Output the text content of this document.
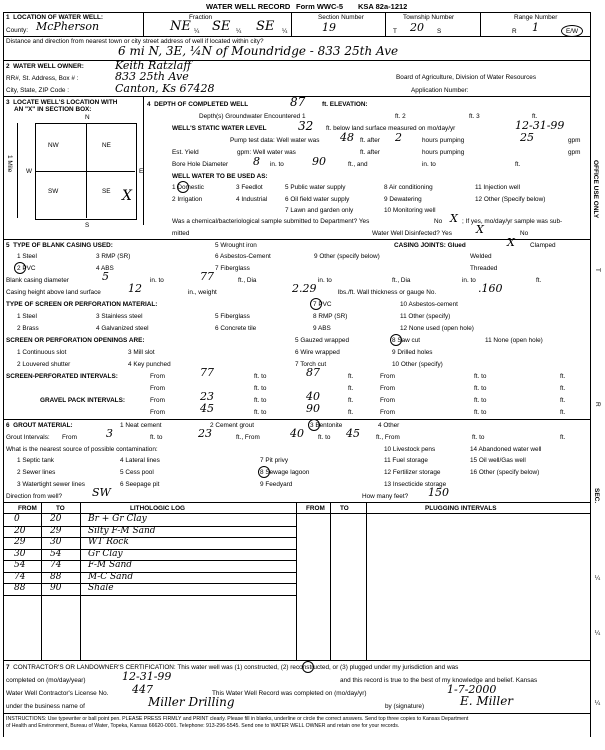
WATER WELL RECORD Form WWC-5 KSA 82a-1212
1 LOCATION OF WATER WELL:
County: McPherson
Fraction
NE ¼ SE ¼ SE ¼
Section Number
19
Township Number
T 20 S
Range Number
R 1	E/W
Distance and direction from nearest town or city street address of well if located within city?
6 mi N, 3E, ¼N of Moundridge - 833 25th Ave
2 WATER WELL OWNER:	Keith Ratzlaff
RR#, St. Address, Box # :	833 25th Ave	Board of Agriculture, Division of Water Resources
City, State, ZIP Code :	Canton, Ks 67428	Application Number:
3 LOCATE WELL'S LOCATION WITH
AN "X" IN SECTION BOX:
N
S
W	E
1 Mile
NW	NE
SW	SE X
4 DEPTH OF COMPLETED WELL	87	ft. ELEVATION:
Depth(s) Groundwater Encountered 1	ft. 2	ft. 3	ft.
WELL'S STATIC WATER LEVEL	32 ft. below land surface measured on mo/day/yr	12-31-99
Pump test data: Well water was 48 ft. after 2	hours pumping	25	gpm
Est. Yield	gpm: Well water was	ft. after	hours pumping	gpm
Bore Hole Diameter 8 in. to	90	ft., and	in. to	ft.
WELL WATER TO BE USED AS:
1 Domestic	3 Feedlot	5 Public water supply	8 Air conditioning	11 Injection well
2 Irrigation	4 Industrial	6 Oil field water supply	9 Dewatering	12 Other (Specify below)
7 Lawn and garden only	10 Monitoring well
Was a chemical/bacteriological sample submitted to Department? Yes	No X ; If yes, mo/day/yr sample was sub-
mitted	Water Well Disinfected? Yes X	No
5 TYPE OF BLANK CASING USED:	5 Wrought iron	CASING JOINTS: Glued	X Clamped
1 Steel	3 RMP (SR)	6 Asbestos-Cement	9 Other (specify below)	Welded
2 PVC	4 ABS	7 Fiberglass	Threaded
Blank casing diameter	5	in. to	77	ft., Dia	in. to	ft., Dia	in. to	ft.
Casing height above land surface 12	in., weight	2.29	lbs./ft. Wall thickness or gauge No.	.160
TYPE OF SCREEN OR PERFORATION MATERIAL:	7 PVC	10 Asbestos-cement
1 Steel	3 Stainless steel	5 Fiberglass	8 RMP (SR)	11 Other (specify)
2 Brass	4 Galvanized steel	6 Concrete tile	9 ABS	12 None used (open hole)
SCREEN OR PERFORATION OPENINGS ARE:	5 Gauzed wrapped	8 Saw cut	11 None (open hole)
1 Continuous slot	3 Mill slot	6 Wire wrapped	9 Drilled holes
2 Louvered shutter	4 Key punched	7 Torch cut	10 Other (specify)
SCREEN-PERFORATED INTERVALS:	From	77	ft. to	87	ft.	From	ft. to	ft.
From	ft. to	ft.	From	ft. to	ft.
GRAVEL PACK INTERVALS:	From	23	ft. to	40	ft.	From	ft. to	ft.
From	45	ft. to	90	ft.	From	ft. to	ft.
6 GROUT MATERIAL:	1 Neat cement	2 Cement grout	3 Bentonite	4 Other
Grout Intervals: From	3	ft. to	23	ft., From	40 ft. to 45	ft., From	ft. to	ft.
What is the nearest source of possible contamination:	10 Livestock pens	14 Abandoned water well
1 Septic tank	4 Lateral lines	7 Pit privy	11 Fuel storage	15 Oil well/Gas well
2 Sewer lines	5 Cess pool	8 Sewage lagoon	12 Fertilizer storage	16 Other (specify below)
3 Watertight sewer lines	6 Seepage pit	9 Feedyard	13 Insecticide storage
Direction from well?	SW	How many feet? 150
FROM	TO	LITHOLOGIC LOG	FROM TO	PLUGGING INTERVALS
0	20	Br + Gr Clay
20	29	Silty F-M Sand
29	30	WT Rock
30	54	Gr Clay
54	74	F-M Sand
74	88	M-C Sand
88	90	Shale
7 CONTRACTOR'S OR LANDOWNER'S CERTIFICATION: This water well was (1) constructed, (2) reconstructed, or (3) plugged under my jurisdiction and was
completed on (mo/day/year)	12-31-99	and this record is true to the best of my knowledge and belief. Kansas
Water Well Contractor's License No. 447	This Water Well Record was completed on (mo/day/yr)	1-7-2000
under the business name of	Miller Drilling	by (signature)	E. Miller
INSTRUCTIONS: Use typewriter or ball point pen. PLEASE PRESS FIRMLY and PRINT clearly. Please fill in blanks, underline or circle the correct answers. Send top three copies to Kansas Department
of Health and Environment, Bureau of Water, Topeka, Kansas 66620-0001. Telephone: 913-296-5545. Send one to WATER WELL OWNER and retain one for your records.
OFFICE USE ONLY
T
R
SEC.
¼
¼
¼
